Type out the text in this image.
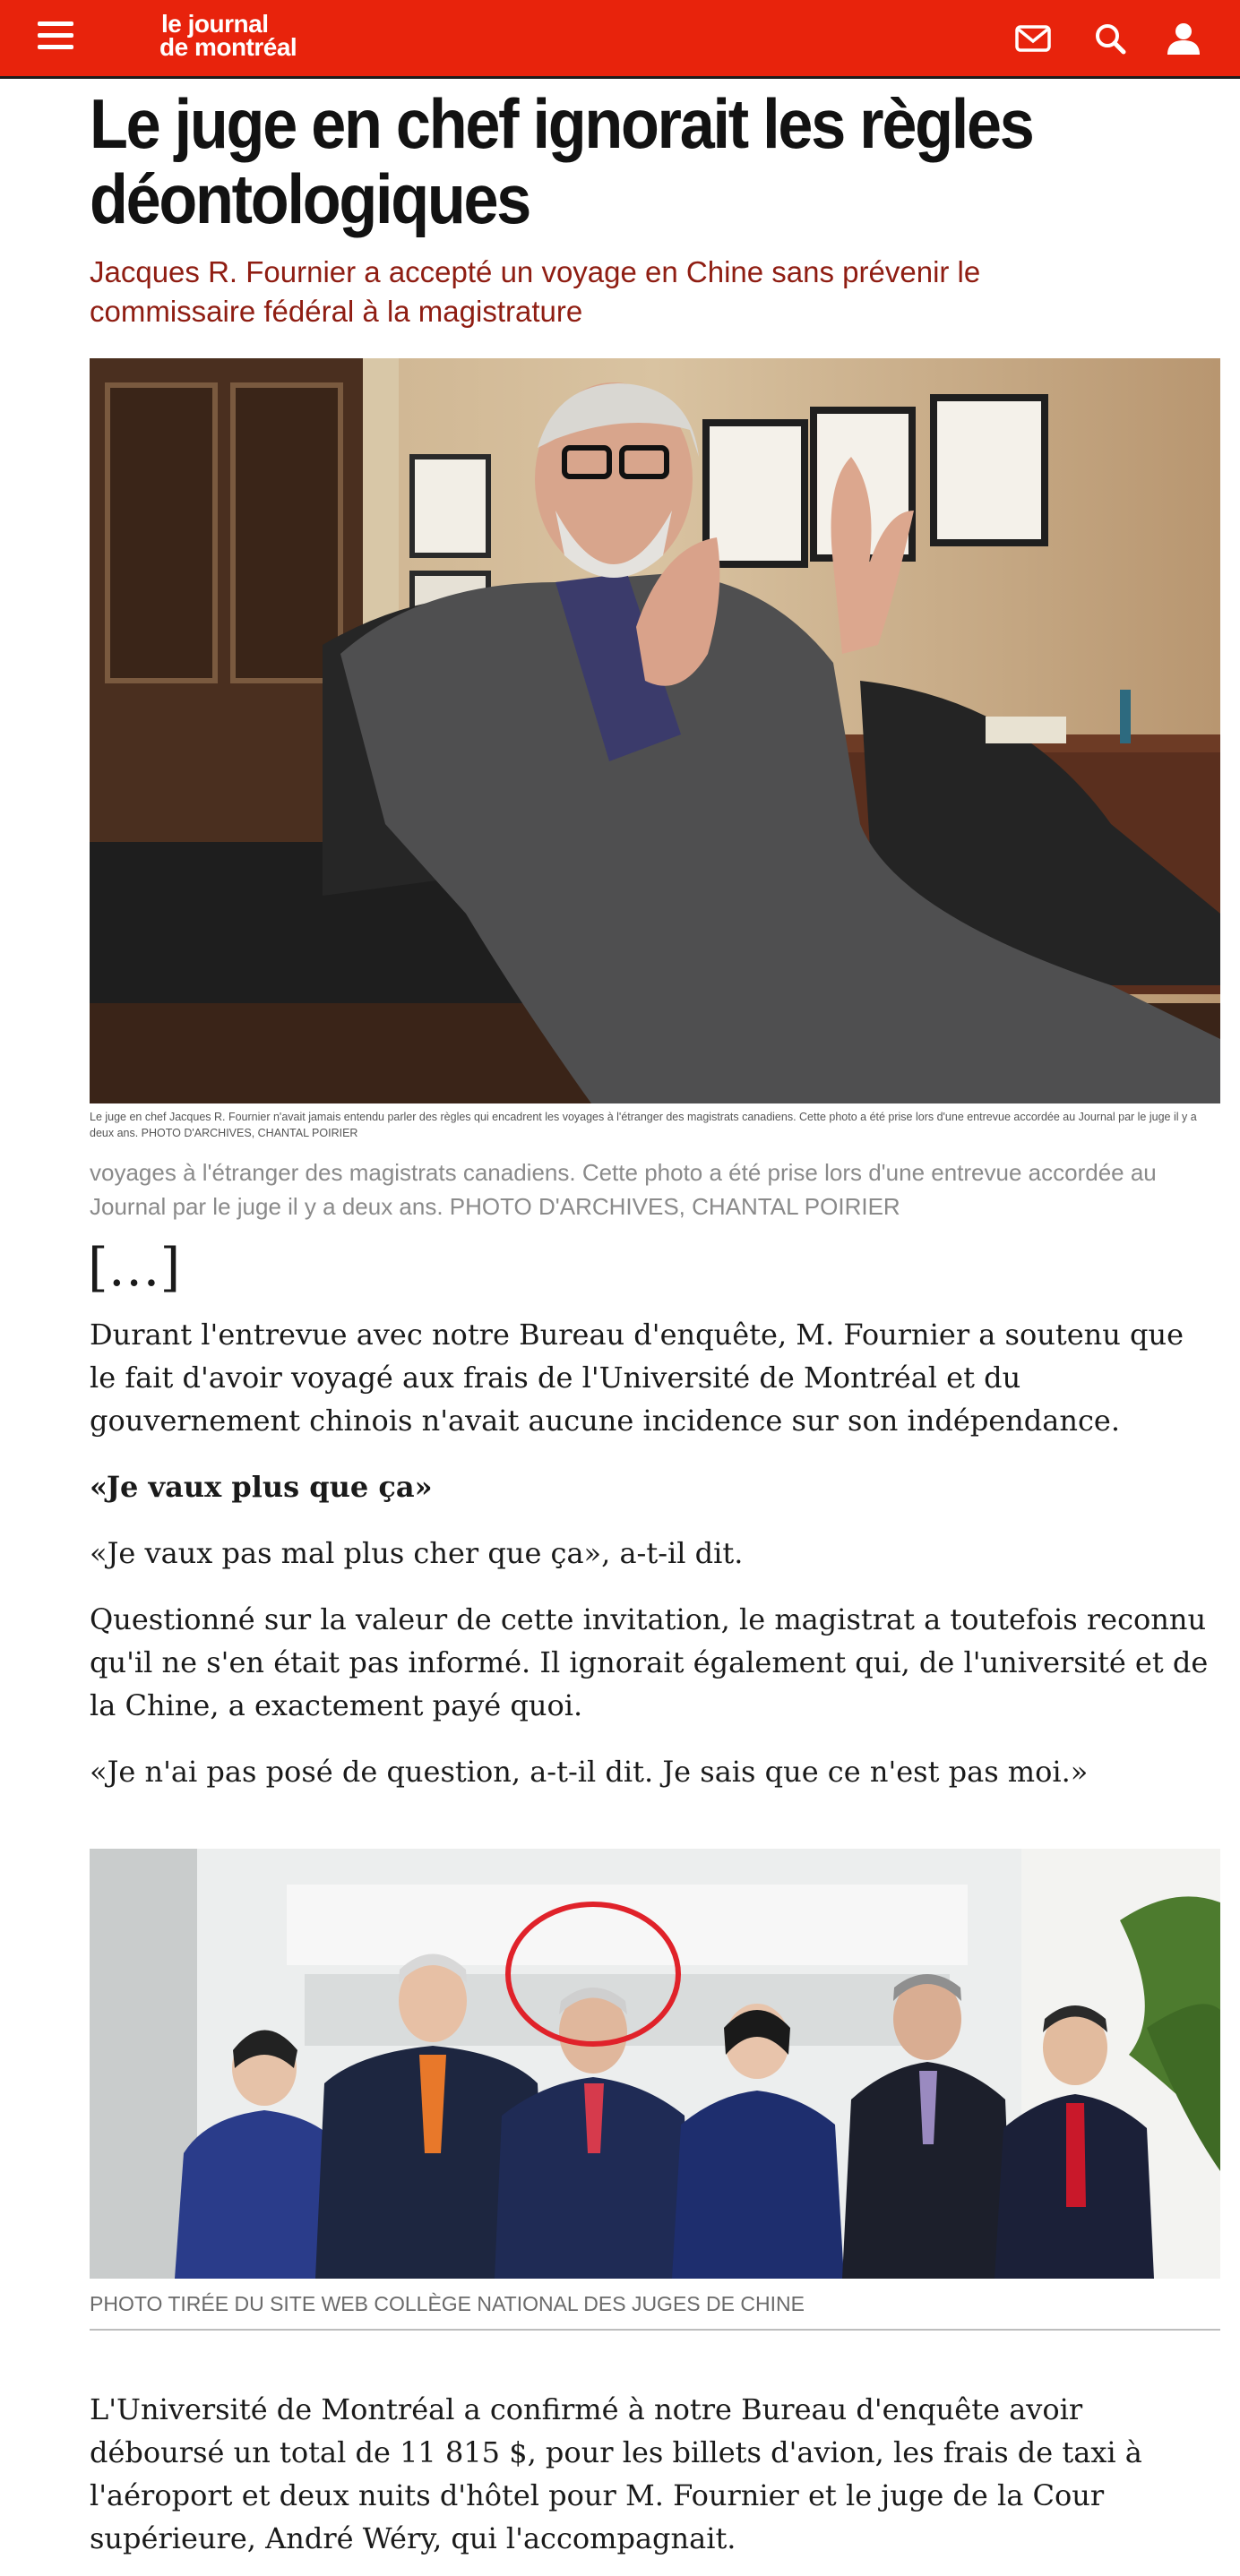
le journal
de montréal
Le juge en chef ignorait les règles déontologiques

Jacques R. Fournier a accepté un voyage en Chine sans prévenir le commissaire fédéral à la magistrature

Le juge en chef Jacques R. Fournier n'avait jamais entendu parler des règles qui encadrent les voyages à l'étranger des magistrats canadiens. Cette photo a été prise lors d'une entrevue accordée au Journal par le juge il y a deux ans. PHOTO D'ARCHIVES, CHANTAL POIRIER

voyages à l'étranger des magistrats canadiens. Cette photo a été prise lors d'une entrevue accordée au Journal par le juge il y a deux ans. PHOTO D'ARCHIVES, CHANTAL POIRIER

[…]

Durant l'entrevue avec notre Bureau d'enquête, M. Fournier a soutenu que le fait d'avoir voyagé aux frais de l'Université de Montréal et du gouvernement chinois n'avait aucune incidence sur son indépendance.

«Je vaux plus que ça»

«Je vaux pas mal plus cher que ça», a-t-il dit.

Questionné sur la valeur de cette invitation, le magistrat a toutefois reconnu qu'il ne s'en était pas informé. Il ignorait également qui, de l'université et de la Chine, a exactement payé quoi.

«Je n'ai pas posé de question, a-t-il dit. Je sais que ce n'est pas moi.»

PHOTO TIRÉE DU SITE WEB COLLÈGE NATIONAL DES JUGES DE CHINE

L'Université de Montréal a confirmé à notre Bureau d'enquête avoir déboursé un total de 11 815 $, pour les billets d'avion, les frais de taxi à l'aéroport et deux nuits d'hôtel pour M. Fournier et le juge de la Cour supérieure, André Wéry, qui l'accompagnait.
